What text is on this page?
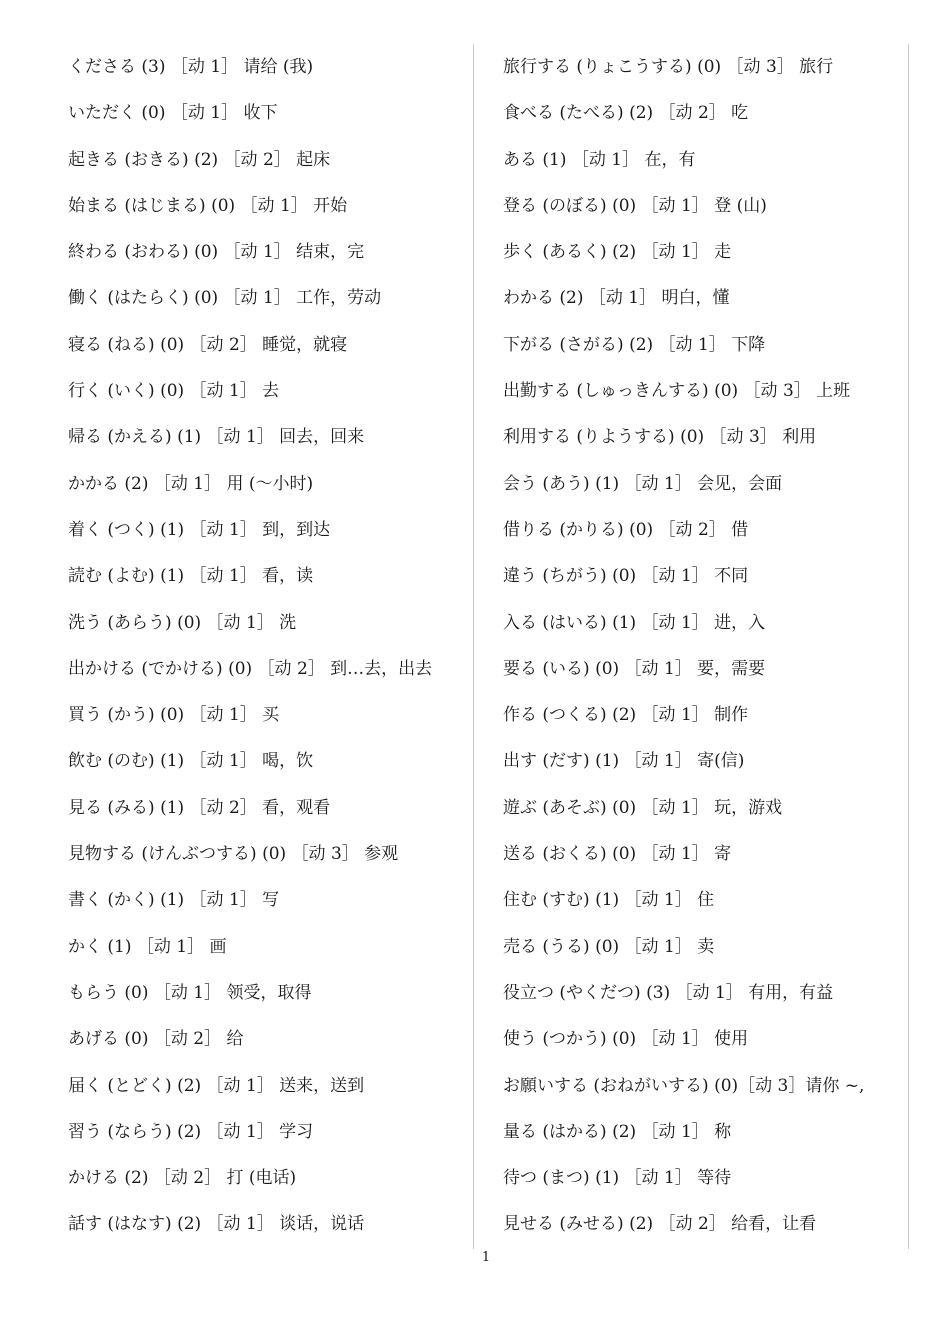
くださる (3) ［动 1］ 请给 (我)
いただく (0) ［动 1］ 收下
起きる (おきる) (2) ［动 2］ 起床
始まる (はじまる) (0) ［动 1］ 开始
終わる (おわる) (0) ［动 1］ 结束，完
働く (はたらく) (0) ［动 1］ 工作，劳动
寝る (ねる) (0) ［动 2］ 睡觉，就寝
行く (いく) (0) ［动 1］ 去
帰る (かえる) (1) ［动 1］ 回去，回来
かかる (2) ［动 1］ 用 (～小时)
着く (つく) (1) ［动 1］ 到，到达
読む (よむ) (1) ［动 1］ 看，读
洗う (あらう) (0) ［动 1］ 洗
出かける (でかける) (0) ［动 2］ 到…去，出去
買う (かう) (0) ［动 1］ 买
飲む (のむ) (1) ［动 1］ 喝，饮
見る (みる) (1) ［动 2］ 看，观看
見物する (けんぶつする) (0) ［动 3］ 参观
書く (かく) (1) ［动 1］ 写
かく (1) ［动 1］ 画
もらう (0) ［动 1］ 领受，取得
あげる (0) ［动 2］ 给
届く (とどく) (2) ［动 1］ 送来，送到
習う (ならう) (2) ［动 1］ 学习
かける (2) ［动 2］ 打 (电话)
話す (はなす) (2) ［动 1］ 谈话，说话
旅行する (りょこうする) (0) ［动 3］ 旅行
食べる (たべる) (2) ［动 2］ 吃
ある (1) ［动 1］ 在，有
登る (のぼる) (0) ［动 1］ 登 (山)
歩く (あるく) (2) ［动 1］ 走
わかる (2) ［动 1］ 明白，懂
下がる (さがる) (2) ［动 1］ 下降
出勤する (しゅっきんする) (0) ［动 3］ 上班
利用する (りようする) (0) ［动 3］ 利用
会う (あう) (1) ［动 1］ 会见，会面
借りる (かりる) (0) ［动 2］ 借
違う (ちがう) (0) ［动 1］ 不同
入る (はいる) (1) ［动 1］ 进，入
要る (いる) (0) ［动 1］ 要，需要
作る (つくる) (2) ［动 1］ 制作
出す (だす) (1) ［动 1］ 寄(信)
遊ぶ (あそぶ) (0) ［动 1］ 玩，游戏
送る (おくる) (0) ［动 1］ 寄
住む (すむ) (1) ［动 1］ 住
売る (うる) (0) ［动 1］ 卖
役立つ (やくだつ) (3) ［动 1］ 有用，有益
使う (つかう) (0) ［动 1］ 使用
お願いする (おねがいする) (0)［动 3］请你 ~,
量る (はかる) (2) ［动 1］ 称
待つ (まつ) (1) ［动 1］ 等待
見せる (みせる) (2) ［动 2］ 给看，让看
1
